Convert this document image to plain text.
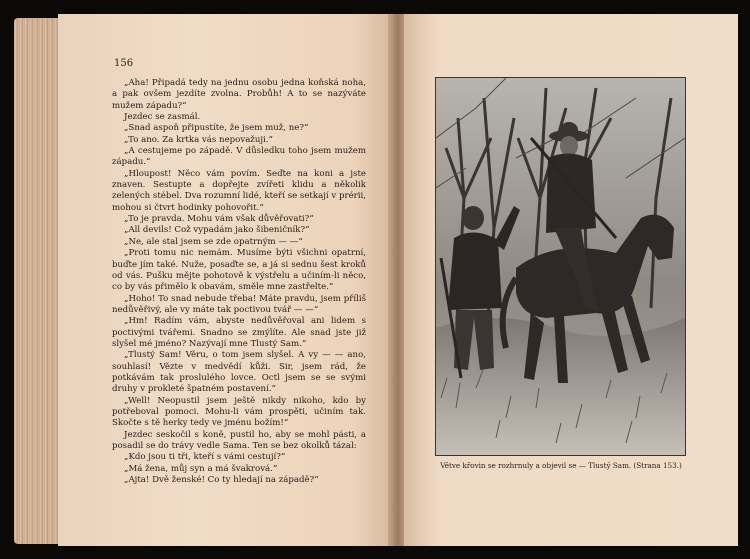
156

„Aha! Připadá tedy na jednu osobu jedna koňská noha, a pak ovšem jezdíte zvolna. Probůh! A to se nazýváte mužem západu?“

Jezdec se zasmál.

„Snad aspoň připustíte, že jsem muž, ne?“

„To ano. Za krtka vás nepovažuji.“

„A cestujeme po západě. V důsledku toho jsem mužem západu.“

„Hloupost! Něco vám povím. Seďte na koni a jste znaven. Sestupte a dopřejte zvířeti klidu a několik zelených stébel. Dva rozumní lidé, kteří se setkají v prérii, mohou si čtvrt hodinky pohovořit.“

„To je pravda. Mohu vám však důvěřovati?“

„All devils! Což vypadám jako šibeničník?“

„Ne, ale stal jsem se zde opatrným — —“

„Proti tomu nic nemám. Musíme býti všichni opatrní, buďte jím také. Nuže, posaďte se, a já si sednu šest kroků od vás. Pušku mějte pohotově k výstřelu a učiním-li něco, co by vás přimělo k obavám, směle mne zastřelte.“

„Hoho! To snad nebude třeba! Máte pravdu, jsem příliš nedůvěřivý, ale vy máte tak poctivou tvář — —“

„Hm! Radím vám, abyste nedůvěřoval ani lidem s poctivými tvářemi. Snadno se zmýlíte. Ale snad jste již slyšel mé jméno? Nazývají mne Tlustý Sam.“

„Tlustý Sam! Věru, o tom jsem slyšel. A vy — — ano, souhlasí! Vězte v medvědí kůži. Sir, jsem rád, že potkávám tak proslulého lovce. Octl jsem se se svými druhy v prokleté špatném postavení.“

„Well! Neopustil jsem ještě nikdy nikoho, kdo by potřeboval pomoci. Mohu-li vám prospěti, učiním tak. Skočte s tě herky tedy ve jménu božím!“

Jezdec seskočil s koně, pustil ho, aby se mohl pásti, a posadil se do trávy vedle Sama. Ten se bez okolků tázal:

„Kdo jsou ti tři, kteří s vámi cestují?“

„Má žena, můj syn a má švakrová.“

„Ajta! Dvě ženské! Co ty hledají na západě?“

Větve křovin se rozhrnuly a objevil se — Tlustý Sam. (Strana 153.)
